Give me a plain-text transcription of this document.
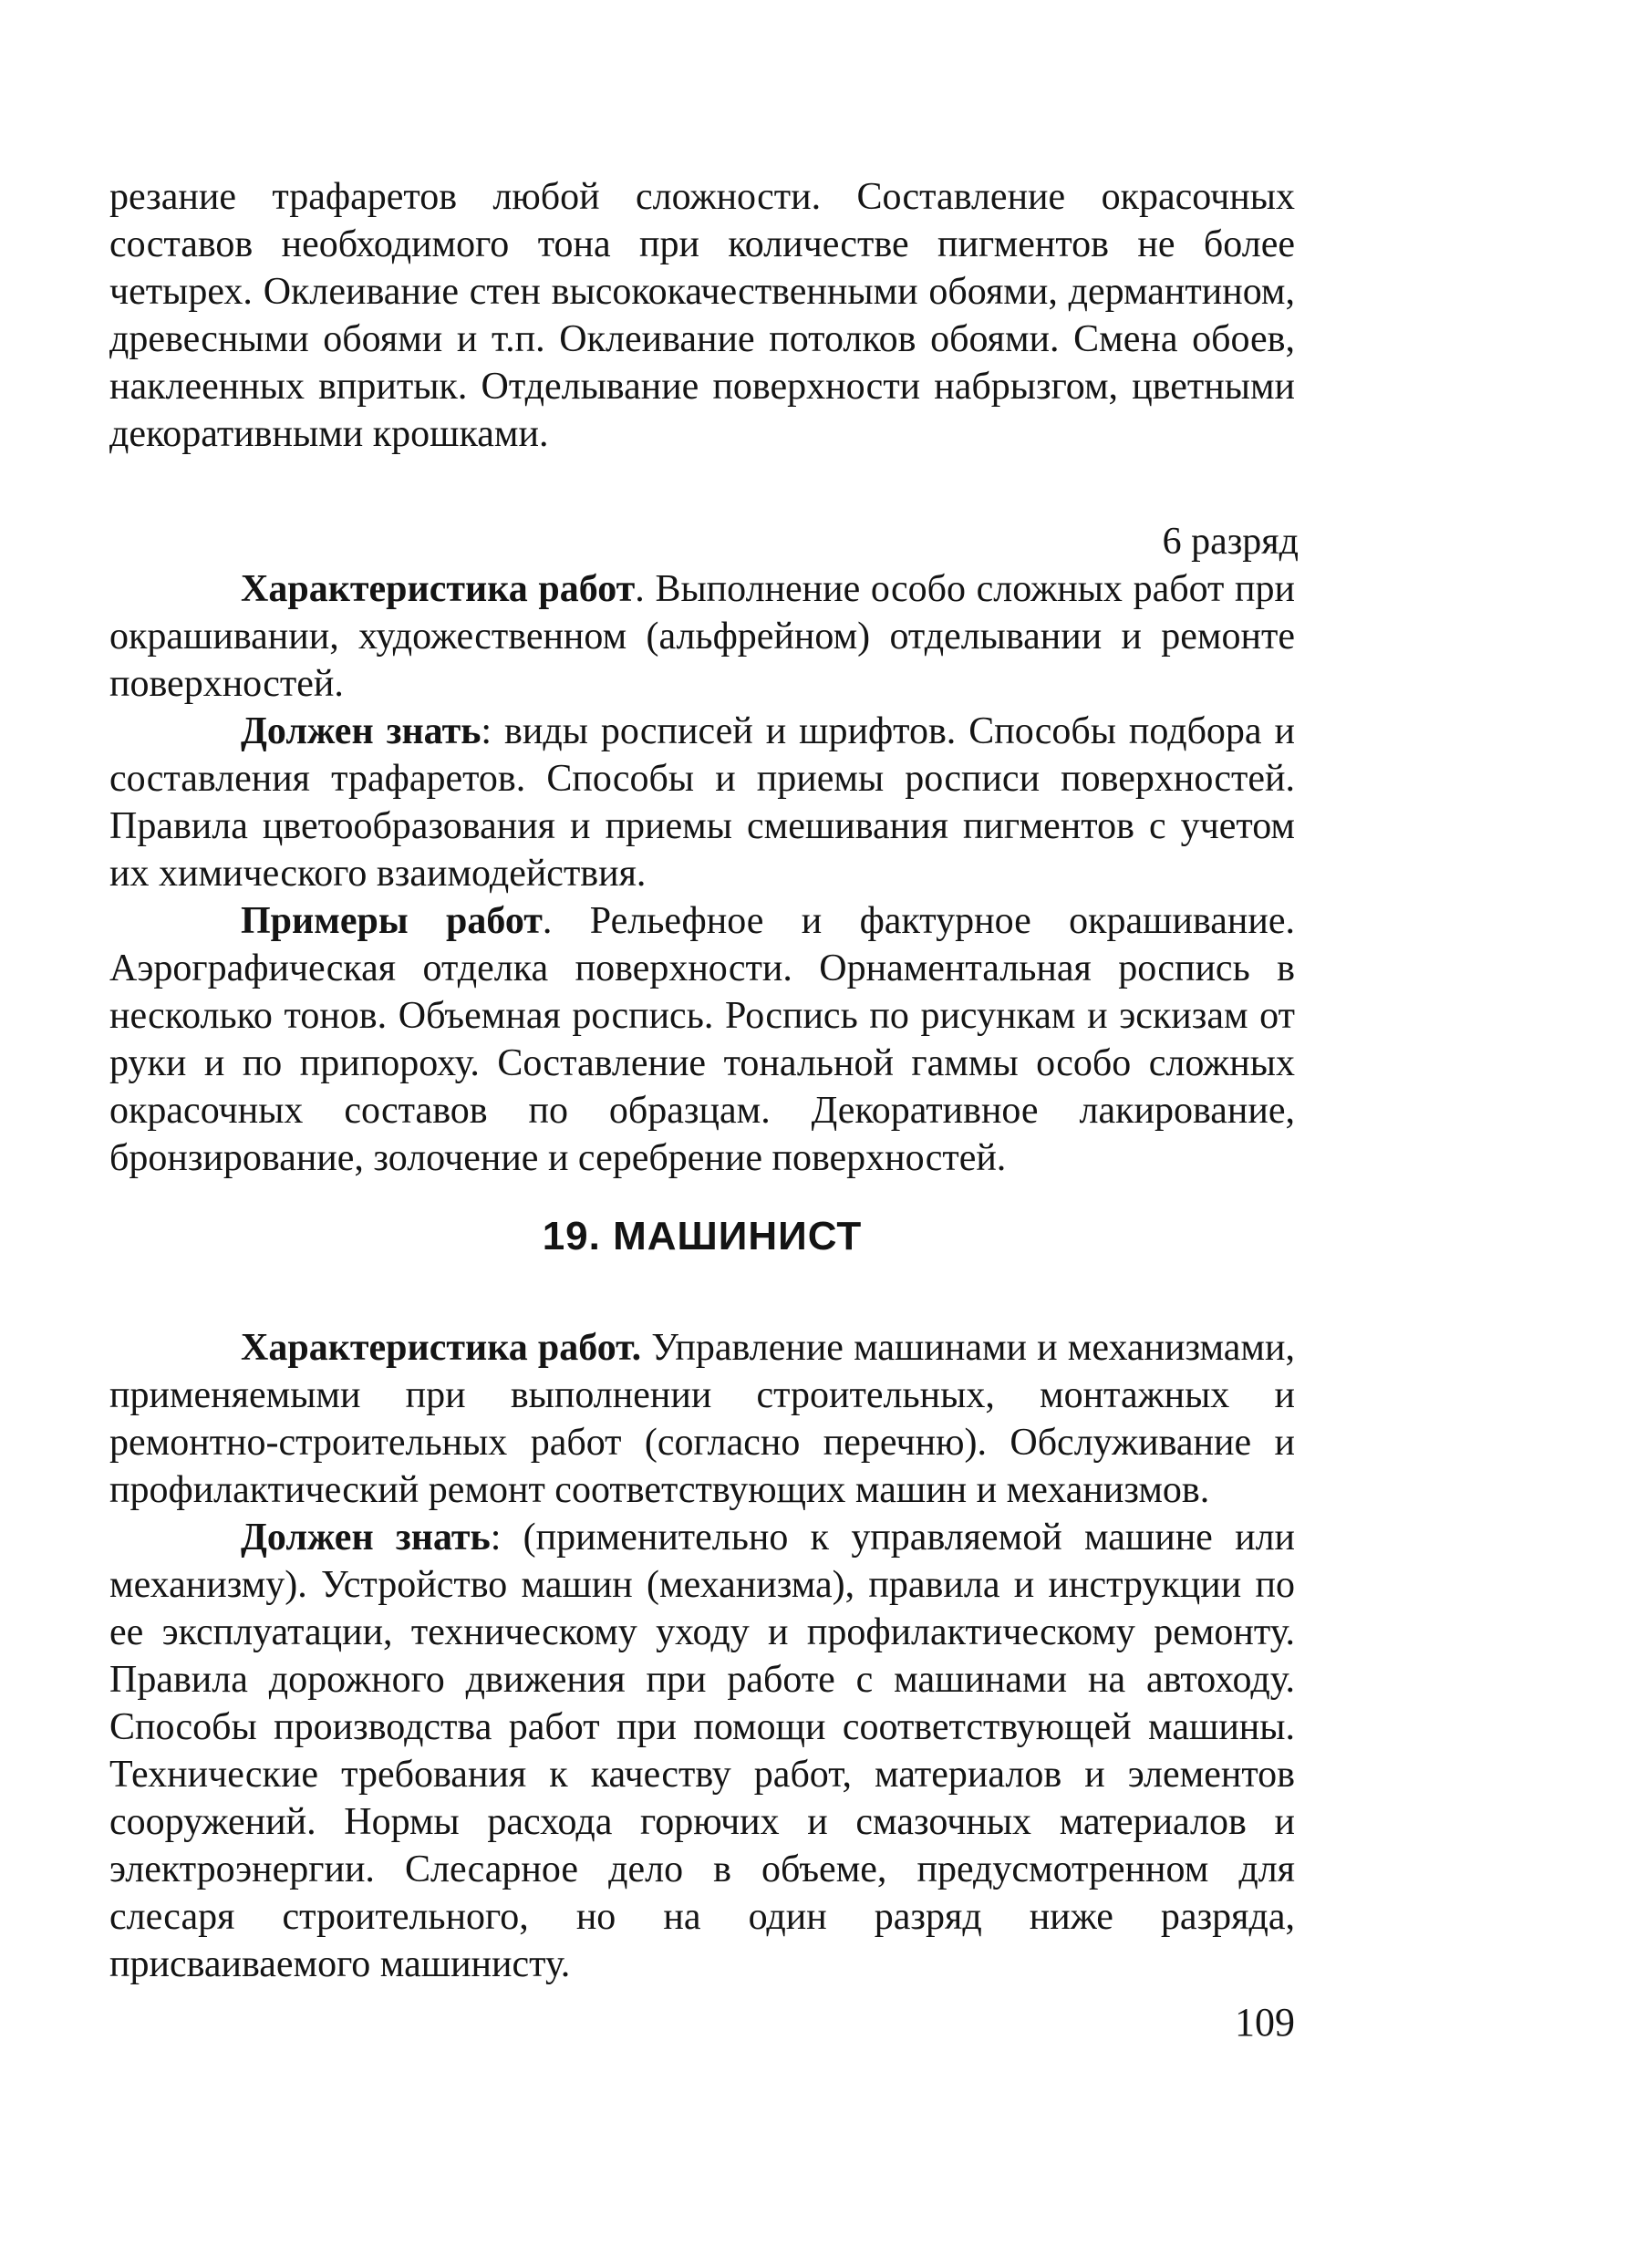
резание трафаретов любой сложности. Составление окрасочных составов необходимого тона при количестве пигментов не более четырех. Оклеивание стен высококачественными обоями, дермантином, древесными обоями и т.п. Оклеивание потолков обоями. Смена обоев, наклеенных впритык. Отделывание поверхности набрызгом, цветными декоративными крошками.

6 разряд

Характеристика работ. Выполнение особо сложных работ при окрашивании, художественном (альфрейном) отделывании и ремонте поверхностей.

Должен знать: виды росписей и шрифтов. Способы подбора и составления трафаретов. Способы и приемы росписи поверхностей. Правила цветообразования и приемы смешивания пигментов с учетом их химического взаимодействия.

Примеры работ. Рельефное и фактурное окрашивание. Аэрографическая отделка поверхности. Орнаментальная роспись в несколько тонов. Объемная роспись. Роспись по рисункам и эскизам от руки и по припороху. Составление тональной гаммы особо сложных окрасочных составов по образцам. Декоративное лакирование, бронзирование, золочение и серебрение поверхностей.

19. МАШИНИСТ

Характеристика работ. Управление машинами и механизмами, применяемыми при выполнении строительных, монтажных и ремонтно-строительных работ (согласно перечню). Обслуживание и профилактический ремонт соответствующих машин и механизмов.

Должен знать: (применительно к управляемой машине или механизму). Устройство машин (механизма), правила и инструкции по ее эксплуатации, техническому уходу и профилактическому ремонту. Правила дорожного движения при работе с машинами на автоходу. Способы производства работ при помощи соответствующей машины. Технические требования к качеству работ, материалов и элементов сооружений. Нормы расхода горючих и смазочных материалов и электроэнергии. Слесарное дело в объеме, предусмотренном для слесаря строительного, но на один разряд ниже разряда, присваиваемого машинисту.

109
